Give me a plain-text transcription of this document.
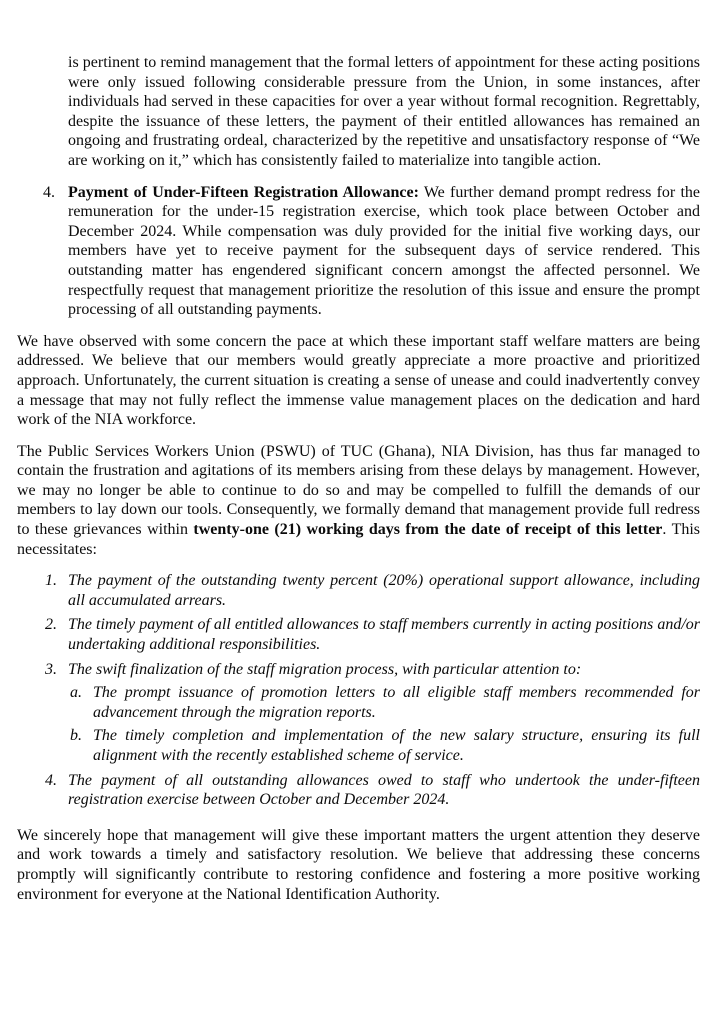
is pertinent to remind management that the formal letters of appointment for these acting positions were only issued following considerable pressure from the Union, in some instances, after individuals had served in these capacities for over a year without formal recognition. Regrettably, despite the issuance of these letters, the payment of their entitled allowances has remained an ongoing and frustrating ordeal, characterized by the repetitive and unsatisfactory response of “We are working on it,” which has consistently failed to materialize into tangible action.

4. Payment of Under-Fifteen Registration Allowance: We further demand prompt redress for the remuneration for the under-15 registration exercise, which took place between October and December 2024. While compensation was duly provided for the initial five working days, our members have yet to receive payment for the subsequent days of service rendered. This outstanding matter has engendered significant concern amongst the affected personnel. We respectfully request that management prioritize the resolution of this issue and ensure the prompt processing of all outstanding payments.

We have observed with some concern the pace at which these important staff welfare matters are being addressed. We believe that our members would greatly appreciate a more proactive and prioritized approach. Unfortunately, the current situation is creating a sense of unease and could inadvertently convey a message that may not fully reflect the immense value management places on the dedication and hard work of the NIA workforce.

The Public Services Workers Union (PSWU) of TUC (Ghana), NIA Division, has thus far managed to contain the frustration and agitations of its members arising from these delays by management. However, we may no longer be able to continue to do so and may be compelled to fulfill the demands of our members to lay down our tools. Consequently, we formally demand that management provide full redress to these grievances within twenty-one (21) working days from the date of receipt of this letter. This necessitates:

1. The payment of the outstanding twenty percent (20%) operational support allowance, including all accumulated arrears.
2. The timely payment of all entitled allowances to staff members currently in acting positions and/or undertaking additional responsibilities.
3. The swift finalization of the staff migration process, with particular attention to:
a. The prompt issuance of promotion letters to all eligible staff members recommended for advancement through the migration reports.
b. The timely completion and implementation of the new salary structure, ensuring its full alignment with the recently established scheme of service.
4. The payment of all outstanding allowances owed to staff who undertook the under-fifteen registration exercise between October and December 2024.

We sincerely hope that management will give these important matters the urgent attention they deserve and work towards a timely and satisfactory resolution. We believe that addressing these concerns promptly will significantly contribute to restoring confidence and fostering a more positive working environment for everyone at the National Identification Authority.
